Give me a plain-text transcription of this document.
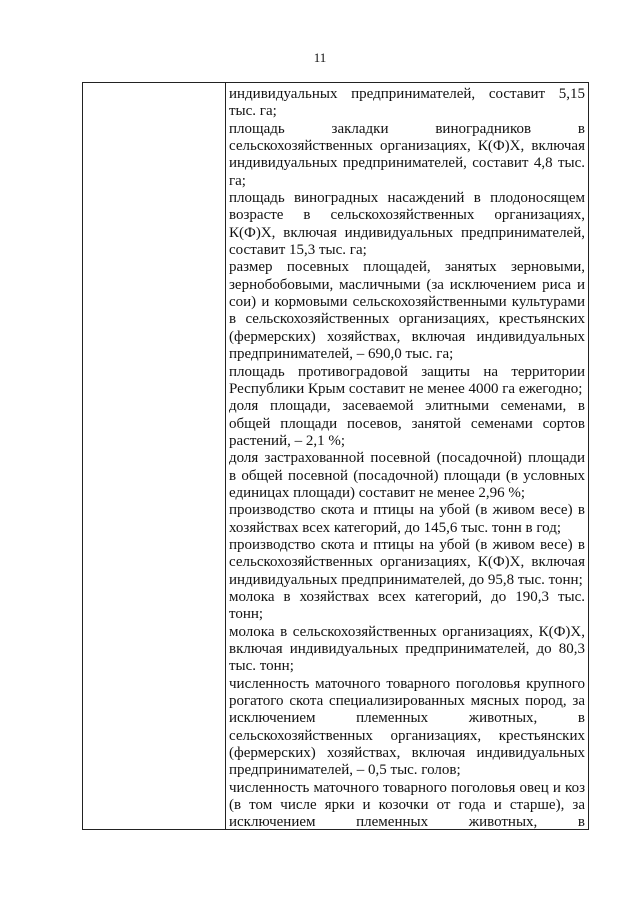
11

индивидуальных предпринимателей, составит 5,15 тыс. га;

площадь закладки виноградников в сельскохозяйственных организациях, К(Ф)Х, включая индивидуальных предпринимателей, составит 4,8 тыс. га;

площадь виноградных насаждений в плодоносящем возрасте в сельскохозяйственных организациях, К(Ф)Х, включая индивидуальных предпринимателей, составит 15,3 тыс. га;

размер посевных площадей, занятых зерновыми, зернобобовыми, масличными (за исключением риса и сои) и кормовыми сельскохозяйственными культурами в сельскохозяйственных организациях, крестьянских (фермерских) хозяйствах, включая индивидуальных предпринимателей, – 690,0 тыс. га;

площадь противоградовой защиты на территории Республики Крым составит не менее 4000 га ежегодно;

доля площади, засеваемой элитными семенами, в общей площади посевов, занятой семенами сортов растений, – 2,1 %;

доля застрахованной посевной (посадочной) площади в общей посевной (посадочной) площади (в условных единицах площади) составит не менее 2,96 %;

производство скота и птицы на убой (в живом весе) в хозяйствах всех категорий, до 145,6 тыс. тонн в год;

производство скота и птицы на убой (в живом весе) в сельскохозяйственных организациях, К(Ф)Х, включая индивидуальных предпринимателей, до 95,8 тыс. тонн;

молока в хозяйствах всех категорий, до 190,3 тыс. тонн;

молока в сельскохозяйственных организациях, К(Ф)Х, включая индивидуальных предпринимателей, до 80,3 тыс. тонн;

численность маточного товарного поголовья крупного рогатого скота специализированных мясных пород, за исключением племенных животных, в сельскохозяйственных организациях, крестьянских (фермерских) хозяйствах, включая индивидуальных предпринимателей, – 0,5 тыс. голов;

численность маточного товарного поголовья овец и коз (в том числе ярки и козочки от года и старше), за исключением племенных животных, в
